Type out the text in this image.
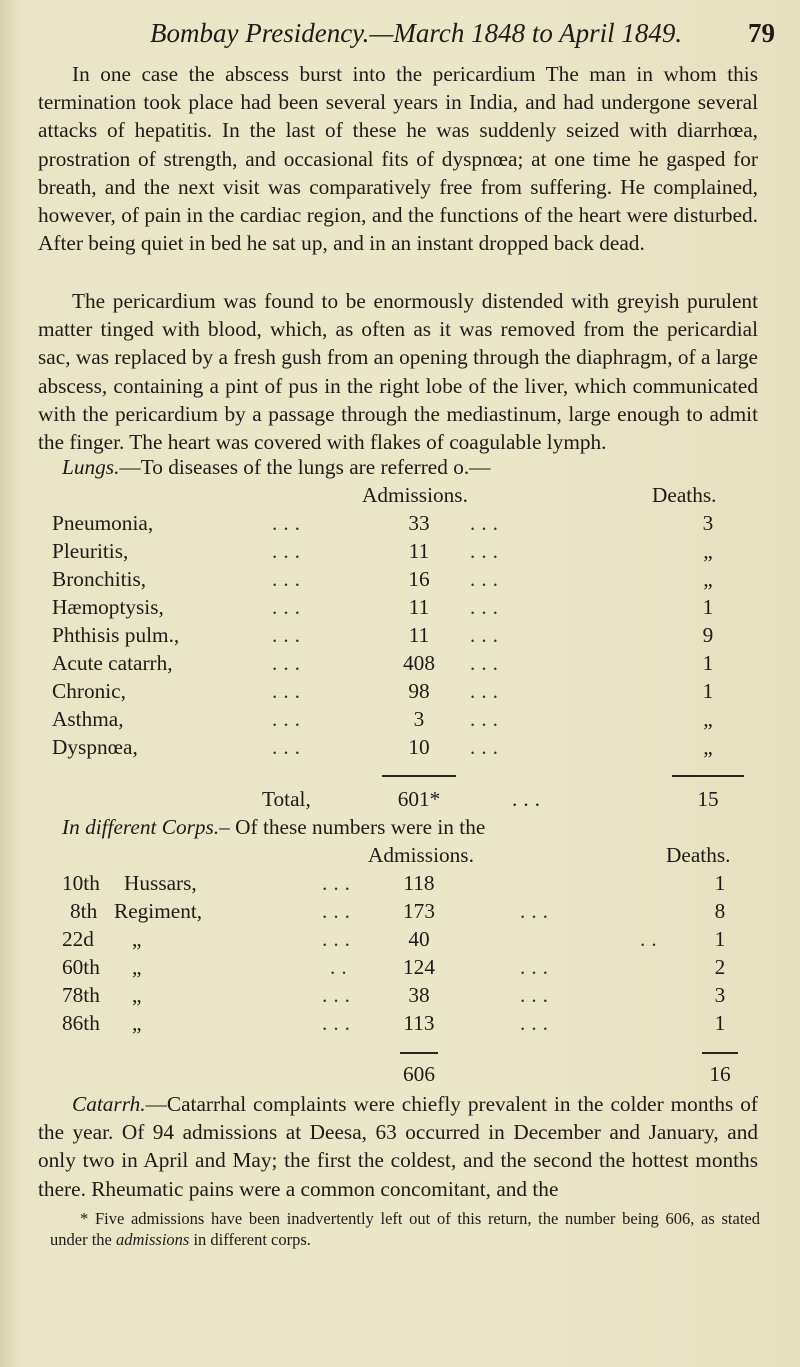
Bombay Presidency.—March 1848 to April 1849. 79

In one case the abscess burst into the pericardium The man in whom this termination took place had been several years in India, and had undergone several attacks of hepatitis. In the last of these he was suddenly seized with diarrhœa, prostration of strength, and occasional fits of dyspnœa; at one time he gasped for breath, and the next visit was comparatively free from suffering. He complained, however, of pain in the cardiac region, and the functions of the heart were disturbed. After being quiet in bed he sat up, and in an instant dropped back dead.

The pericardium was found to be enormously distended with greyish purulent matter tinged with blood, which, as often as it was removed from the pericardial sac, was replaced by a fresh gush from an opening through the diaphragm, of a large abscess, containing a pint of pus in the right lobe of the liver, which communicated with the pericardium by a passage through the mediastinum, large enough to admit the finger. The heart was covered with flakes of coagulable lymph.

Lungs.—To diseases of the lungs are referred o.—
Admissions.	Deaths.
Pneumonia,	...	33	...	3
Pleuritis,	...	11	...	„
Bronchitis,	...	16	...	„
Hæmoptysis,	...	11	...	1
Phthisis pulm.,	...	11	...	9
Acute catarrh,	...	408	...	1
Chronic,	...	98	...	1
Asthma,	...	3	...	„
Dyspnœa,	...	10	...	„
Total,	601*	...	15
In different Corps.– Of these numbers were in the
Admissions.	Deaths.
10th Hussars,	...	118	1
8th Regiment,	...	173	...	8
22d „	...	40	..	1
60th „	..	124	...	2
78th „	...	38	...	3
86th „	...	113	...	1
606	16

Catarrh.—Catarrhal complaints were chiefly prevalent in the colder months of the year. Of 94 admissions at Deesa, 63 occurred in December and January, and only two in April and May; the first the coldest, and the second the hottest months there. Rheumatic pains were a common concomitant, and the

* Five admissions have been inadvertently left out of this return, the number being 606, as stated under the admissions in different corps.
